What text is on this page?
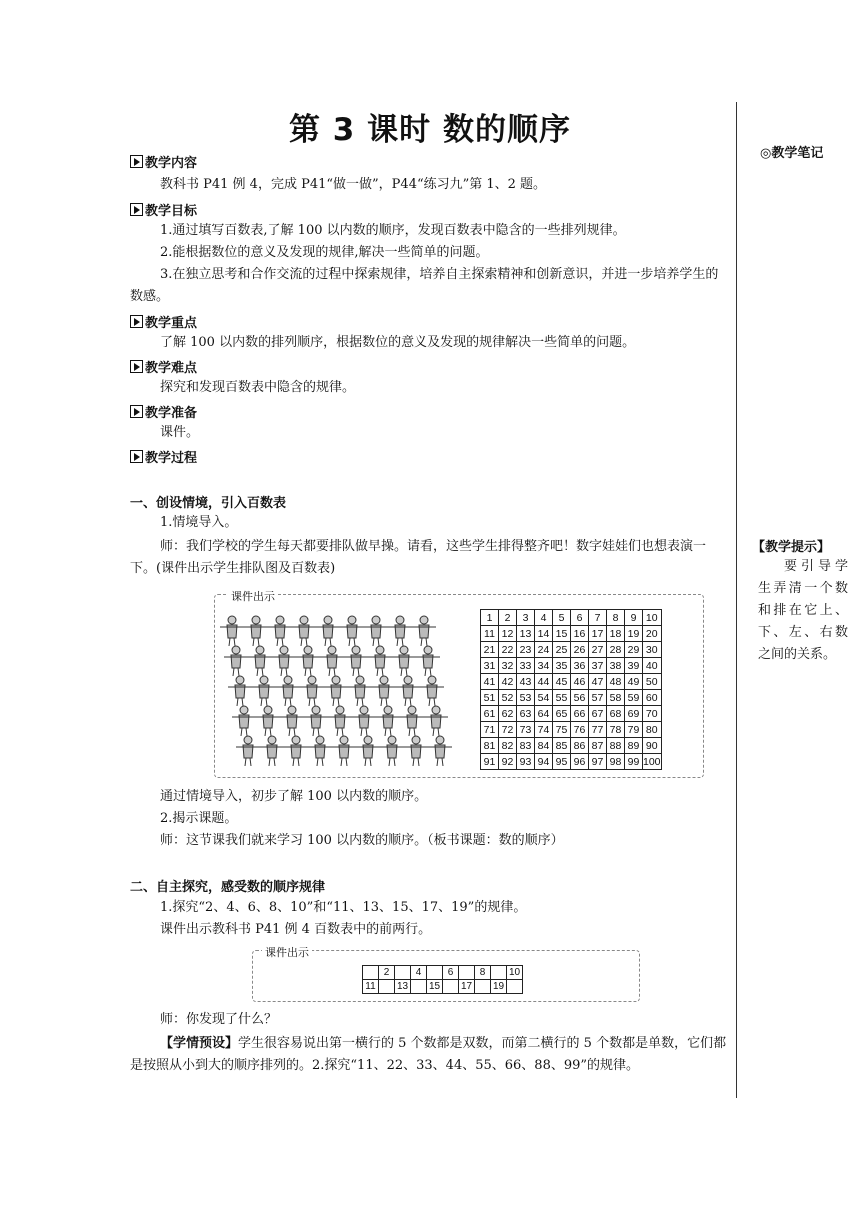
第 3 课时 数的顺序
◎教学笔记
【教学提示】
要引导学生弄清一个数和排在它上、下、左、右数之间的关系。
教学内容
教科书 P41 例 4，完成 P41“做一做”，P44“练习九”第 1、2 题。
教学目标
1.通过填写百数表,了解 100 以内数的顺序，发现百数表中隐含的一些排列规律。
2.能根据数位的意义及发现的规律,解决一些简单的问题。
3.在独立思考和合作交流的过程中探索规律，培养自主探索精神和创新意识，并进一步培养学生的数感。
教学重点
了解 100 以内数的排列顺序，根据数位的意义及发现的规律解决一些简单的问题。
教学难点
探究和发现百数表中隐含的规律。
教学准备
课件。
教学过程
一、创设情境，引入百数表
1.情境导入。
师：我们学校的学生每天都要排队做早操。请看，这些学生排得整齐吧！数字娃娃们也想表演一下。(课件出示学生排队图及百数表)
课件出示
1	2	3	4	5	6	7	8	9	10
11	12	13	14	15	16	17	18	19	20
21	22	23	24	25	26	27	28	29	30
31	32	33	34	35	36	37	38	39	40
41	42	43	44	45	46	47	48	49	50
51	52	53	54	55	56	57	58	59	60
61	62	63	64	65	66	67	68	69	70
71	72	73	74	75	76	77	78	79	80
81	82	83	84	85	86	87	88	89	90
91	92	93	94	95	96	97	98	99	100
通过情境导入，初步了解 100 以内数的顺序。
2.揭示课题。
师：这节课我们就来学习 100 以内数的顺序。（板书课题：数的顺序）
二、自主探究，感受数的顺序规律
1.探究“2、4、6、8、10”和“11、13、15、17、19”的规律。
课件出示教科书 P41 例 4 百数表中的前两行。
课件出示
	2		4		6		8		10
11		13		15		17		19	
师：你发现了什么？
【学情预设】学生很容易说出第一横行的 5 个数都是双数，而第二横行的 5 个数都是单数，它们都是按照从小到大的顺序排列的。2.探究“11、22、33、44、55、66、88、99”的规律。
